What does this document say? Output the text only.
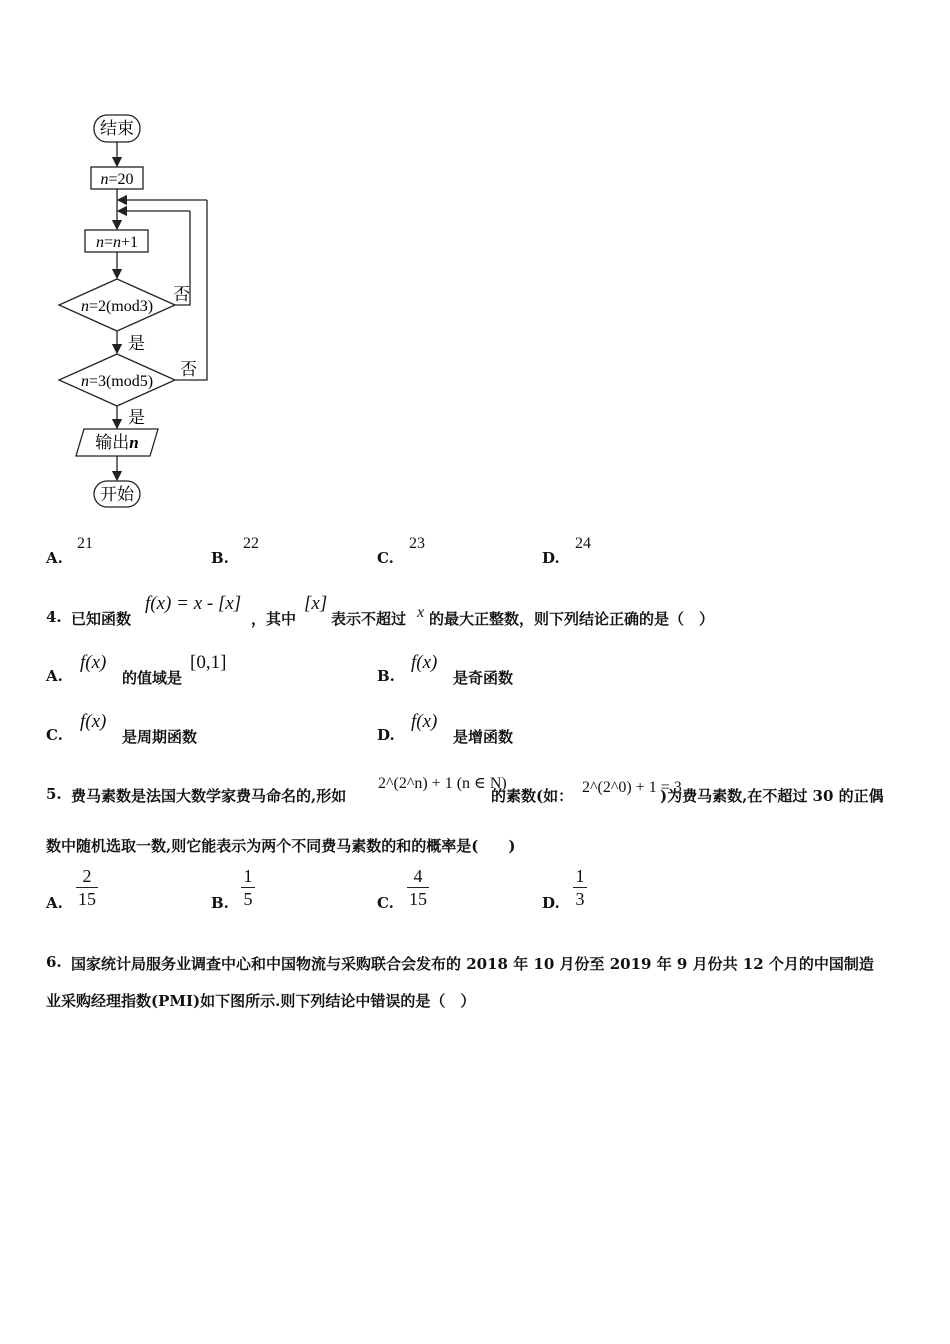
结束
n=20
n=n+1
n=2(mod3)
否
是
n=3(mod5)
否
是
输出n
开始
A.
21
B.
22
C.
23
D.
24
4. 已知函数
f(x) = x - [x]
，其中
[x]
表示不超过 x 的最大正整数，则下列结论正确的是（　）
A.
f(x)
的值域是
[0,1]
B.
f(x)
是奇函数
C.
f(x)
是周期函数	D.
f(x)
是增函数
5. 费马素数是法国大数学家费马命名的,形如
2^(2^n) + 1 (n ∈ N)
的素数(如： 2^(2^0) + 1 = 3
)为费马素数,在不超过 30 的正偶
数中随机选取一数,则它能表示为两个不同费马素数的和的概率是(　　)
A.
2
15	B.
1
5	C.
4
15	D.
1
3
6. 国家统计局服务业调查中心和中国物流与采购联合会发布的 2018 年 10 月份至 2019 年 9 月份共 12 个月的中国制造
业采购经理指数(PMI)如下图所示.则下列结论中错误的是（　）
